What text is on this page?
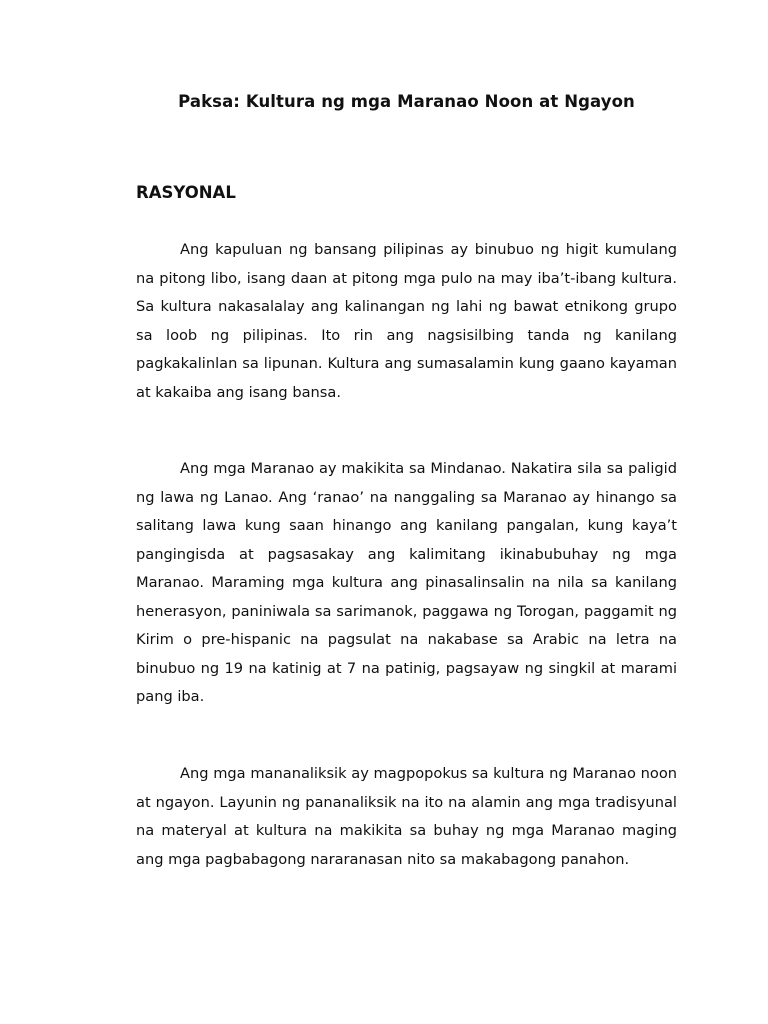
Paksa: Kultura ng mga Maranao Noon at Ngayon
RASYONAL

Ang kapuluan ng bansang pilipinas ay binubuo ng higit kumulang na pitong libo, isang daan at pitong mga pulo na may iba’t-ibang kultura. Sa kultura nakasalalay ang kalinangan ng lahi ng bawat etnikong grupo sa loob ng pilipinas. Ito rin ang nagsisilbing tanda ng kanilang pagkakalinlan sa lipunan. Kultura ang sumasalamin kung gaano kayaman at kakaiba ang isang bansa.

Ang mga Maranao ay makikita sa Mindanao. Nakatira sila sa paligid ng lawa ng Lanao. Ang ‘ranao’ na nanggaling sa Maranao ay hinango sa salitang lawa kung saan hinango ang kanilang pangalan, kung kaya’t pangingisda at pagsasakay ang kalimitang ikinabubuhay ng mga Maranao. Maraming mga kultura ang pinasalinsalin na nila sa kanilang henerasyon, paniniwala sa sarimanok, paggawa ng Torogan, paggamit ng Kirim o pre-hispanic na pagsulat na nakabase sa Arabic na letra na binubuo ng 19 na katinig at 7 na patinig, pagsayaw ng singkil at marami pang iba.

Ang mga mananaliksik ay magpopokus sa kultura ng Maranao noon at ngayon. Layunin ng pananaliksik na ito na alamin ang mga tradisyunal na materyal at kultura na makikita sa buhay ng mga Maranao maging ang mga pagbabagong nararanasan nito sa makabagong panahon.
